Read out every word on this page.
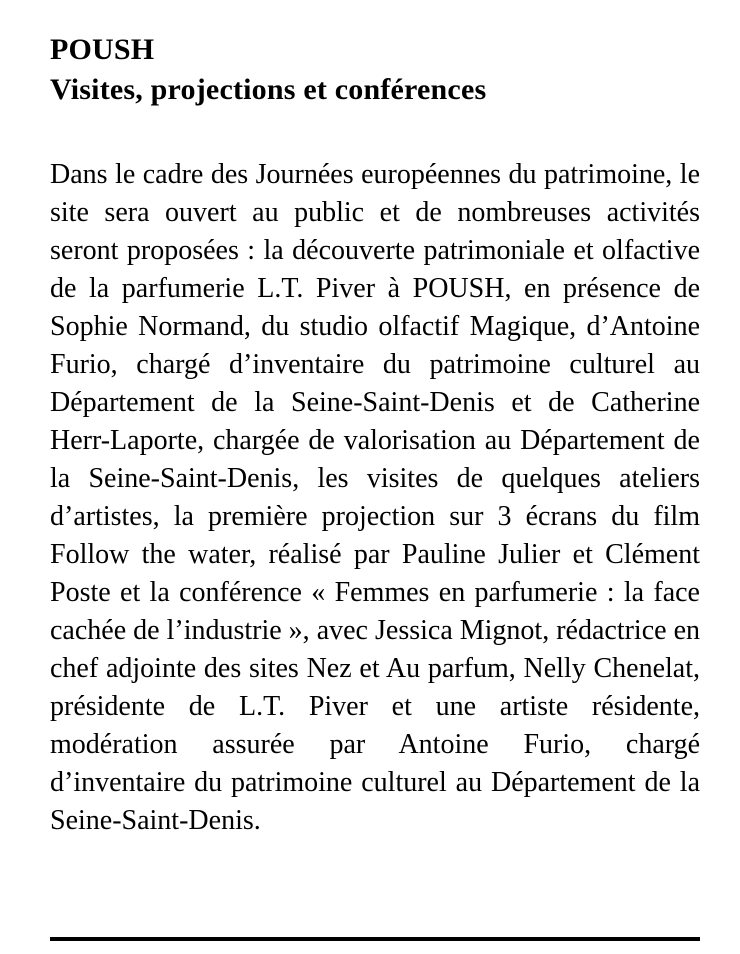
POUSH
Visites, projections et conférences

Dans le cadre des Journées européennes du patrimoine, le site sera ouvert au public et de nombreuses activités seront proposées : la découverte patrimoniale et olfactive de la parfumerie L.T. Piver à POUSH, en présence de Sophie Normand, du studio olfactif Magique, d’Antoine Furio, chargé d’inventaire du patrimoine culturel au Département de la Seine-Saint-Denis et de Catherine Herr-Laporte, chargée de valorisation au Département de la Seine-Saint-Denis, les visites de quelques ateliers d’artistes, la première projection sur 3 écrans du film Follow the water, réalisé par Pauline Julier et Clément Poste et la conférence « Femmes en parfumerie : la face cachée de l’industrie », avec Jessica Mignot, rédactrice en chef adjointe des sites Nez et Au parfum, Nelly Chenelat, présidente de L.T. Piver et une artiste résidente, modération assurée par Antoine Furio, chargé d’inventaire du patrimoine culturel au Département de la Seine-Saint-Denis.
